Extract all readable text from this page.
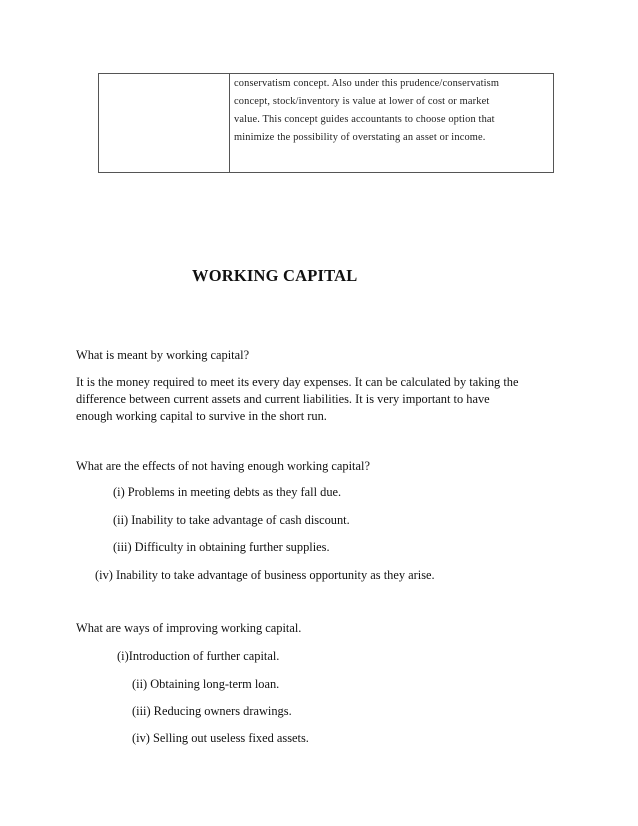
conservatism concept. Also under this prudence/conservatism
concept, stock/inventory is value at lower of cost or market
value. This concept guides accountants to choose option that
minimize the possibility of overstating an asset or income.
WORKING CAPITAL
What is meant by working capital?
It is the money required to meet its every day expenses. It can be calculated by taking the
difference between current assets and current liabilities. It is very important to have
enough working capital to survive in the short run.
What are the effects of not having enough working capital?
(i) Problems in meeting debts as they fall due.
(ii) Inability to take advantage of cash discount.
(iii) Difficulty in obtaining further supplies.
(iv) Inability to take advantage of business opportunity as they arise.
What are ways of improving working capital.
(i)Introduction of further capital.
(ii) Obtaining long-term loan.
(iii) Reducing owners drawings.
(iv) Selling out useless fixed assets.
